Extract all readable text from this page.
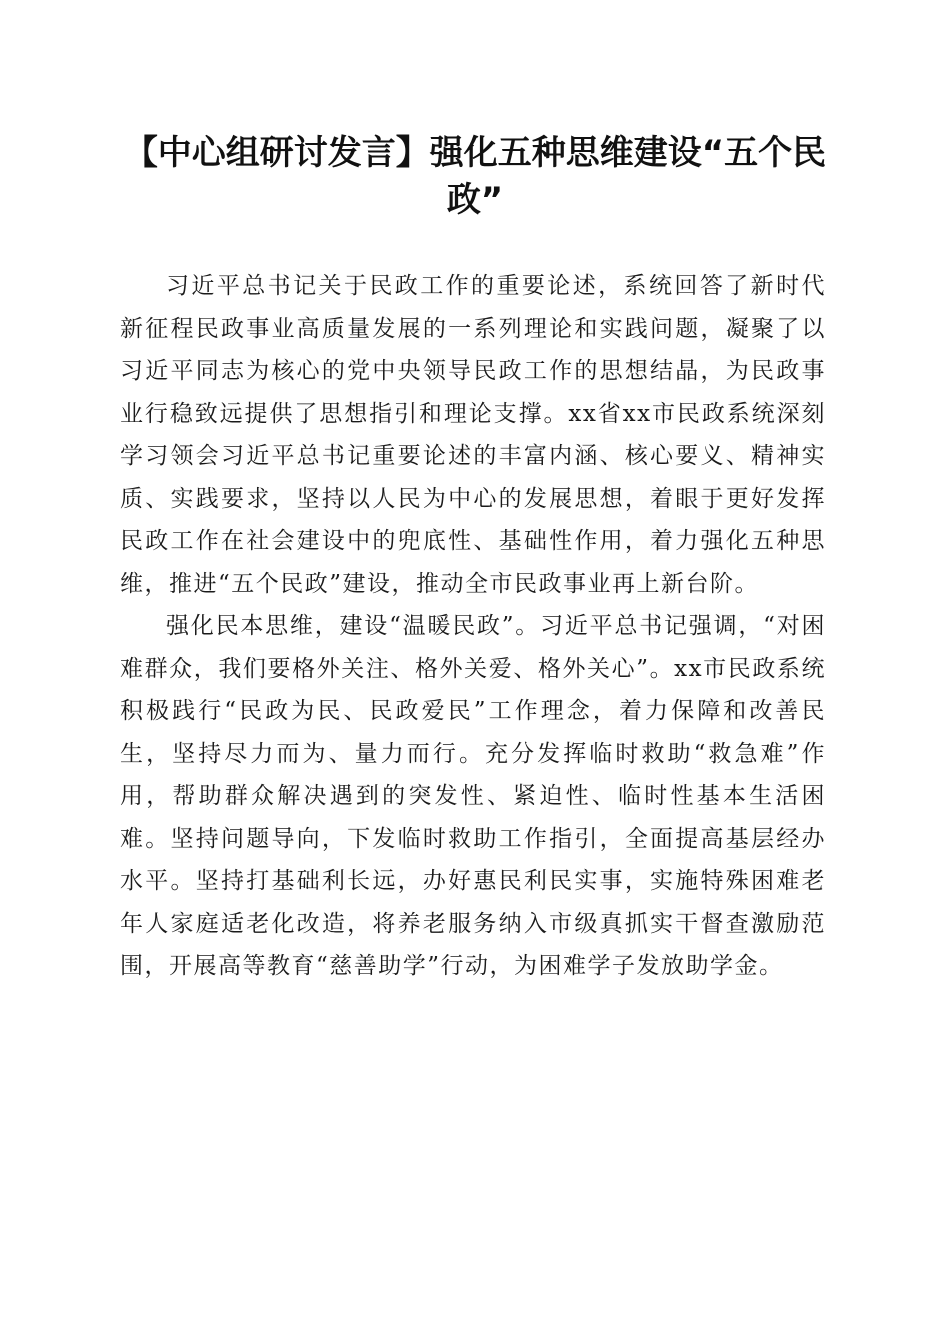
【中心组研讨发言】强化五种思维建设“五个民政”

习近平总书记关于民政工作的重要论述，系统回答了新时代新征程民政事业高质量发展的一系列理论和实践问题，凝聚了以习近平同志为核心的党中央领导民政工作的思想结晶，为民政事业行稳致远提供了思想指引和理论支撑。xx省xx市民政系统深刻学习领会习近平总书记重要论述的丰富内涵、核心要义、精神实质、实践要求，坚持以人民为中心的发展思想，着眼于更好发挥民政工作在社会建设中的兜底性、基础性作用，着力强化五种思维，推进“五个民政”建设，推动全市民政事业再上新台阶。

强化民本思维，建设“温暖民政”。习近平总书记强调，“对困难群众，我们要格外关注、格外关爱、格外关心”。xx市民政系统积极践行“民政为民、民政爱民”工作理念，着力保障和改善民生，坚持尽力而为、量力而行。充分发挥临时救助“救急难”作用，帮助群众解决遇到的突发性、紧迫性、临时性基本生活困难。坚持问题导向，下发临时救助工作指引，全面提高基层经办水平。坚持打基础利长远，办好惠民利民实事，实施特殊困难老年人家庭适老化改造，将养老服务纳入市级真抓实干督查激励范围，开展高等教育“慈善助学”行动，为困难学子发放助学金。
